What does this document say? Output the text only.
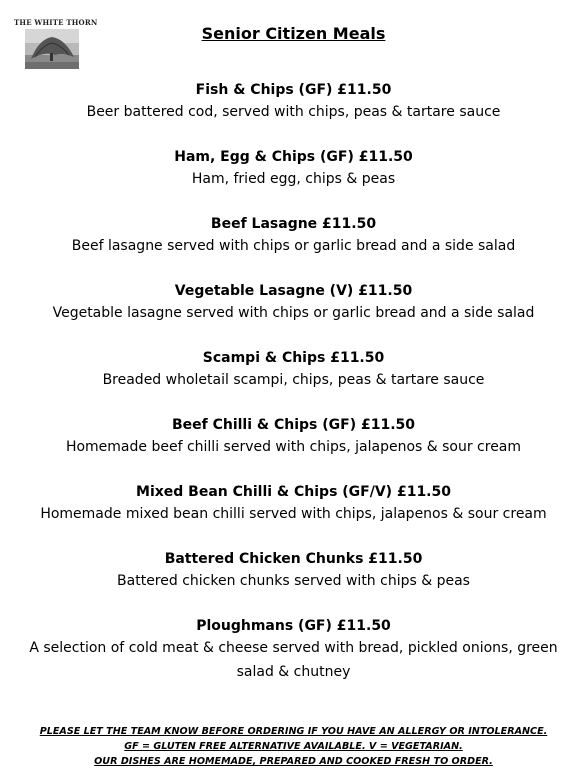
THE WHITE THORN
Senior Citizen Meals
Fish & Chips (GF) £11.50
Beer battered cod, served with chips, peas & tartare sauce
Ham, Egg & Chips (GF) £11.50
Ham, fried egg, chips & peas
Beef Lasagne £11.50
Beef lasagne served with chips or garlic bread and a side salad
Vegetable Lasagne (V) £11.50
Vegetable lasagne served with chips or garlic bread and a side salad
Scampi & Chips £11.50
Breaded wholetail scampi, chips, peas & tartare sauce
Beef Chilli & Chips (GF) £11.50
Homemade beef chilli served with chips, jalapenos & sour cream
Mixed Bean Chilli & Chips (GF/V) £11.50
Homemade mixed bean chilli served with chips, jalapenos & sour cream
Battered Chicken Chunks £11.50
Battered chicken chunks served with chips & peas
Ploughmans (GF) £11.50
A selection of cold meat & cheese served with bread, pickled onions, green salad & chutney
PLEASE LET THE TEAM KNOW BEFORE ORDERING IF YOU HAVE AN ALLERGY OR INTOLERANCE.
GF = GLUTEN FREE ALTERNATIVE AVAILABLE. V = VEGETARIAN.
OUR DISHES ARE HOMEMADE, PREPARED AND COOKED FRESH TO ORDER.
